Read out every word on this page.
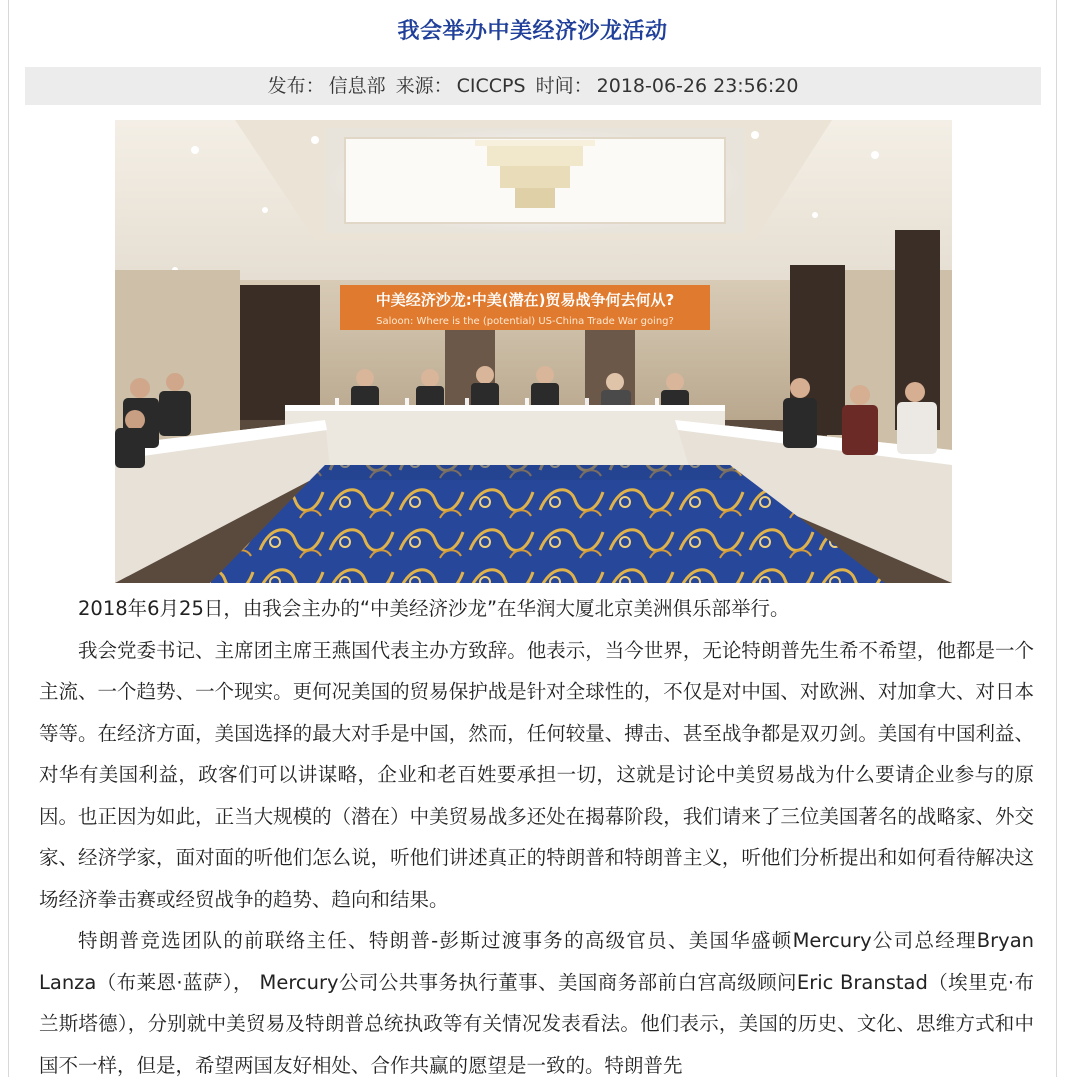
我会举办中美经济沙龙活动
发布： 信息部 来源： CICCPS 时间： 2018-06-26 23:56:20
中美经济沙龙:中美(潜在)贸易战争何去何从?
Saloon: Where is the (potential) US-China Trade War going?

2018年6月25日，由我会主办的“中美经济沙龙”在华润大厦北京美洲俱乐部举行。

我会党委书记、主席团主席王燕国代表主办方致辞。他表示，当今世界，无论特朗普先生希不希望，他都是一个主流、一个趋势、一个现实。更何况美国的贸易保护战是针对全球性的，不仅是对中国、对欧洲、对加拿大、对日本等等。在经济方面，美国选择的最大对手是中国，然而，任何较量、搏击、甚至战争都是双刃剑。美国有中国利益、对华有美国利益，政客们可以讲谋略，企业和老百姓要承担一切，这就是讨论中美贸易战为什么要请企业参与的原因。也正因为如此，正当大规模的（潜在）中美贸易战多还处在揭幕阶段，我们请来了三位美国著名的战略家、外交家、经济学家，面对面的听他们怎么说，听他们讲述真正的特朗普和特朗普主义，听他们分析提出和如何看待解决这场经济拳击赛或经贸战争的趋势、趋向和结果。

特朗普竞选团队的前联络主任、特朗普-彭斯过渡事务的高级官员、美国华盛顿Mercury公司总经理Bryan Lanza（布莱恩·蓝萨）， Mercury公司公共事务执行董事、美国商务部前白宫高级顾问Eric Branstad（埃里克·布兰斯塔德），分别就中美贸易及特朗普总统执政等有关情况发表看法。他们表示，美国的历史、文化、思维方式和中国不一样，但是，希望两国友好相处、合作共赢的愿望是一致的。特朗普先
